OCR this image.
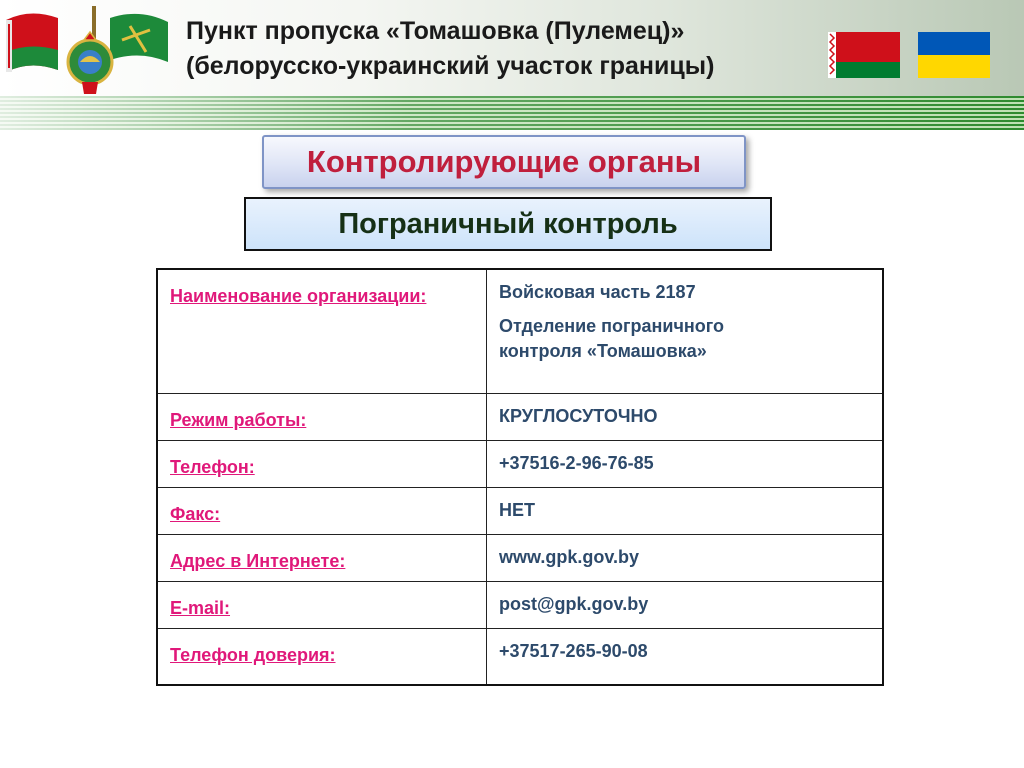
Пункт пропуска «Томашовка (Пулемец)»
(белорусско-украинский участок границы)
Контролирующие органы
Пограничный контроль
Наименование организации:	Войсковая часть 2187
Отделение пограничного
контроля «Томашовка»

Режим работы:	КРУГЛОСУТОЧНО
Телефон:	+37516-2-96-76-85
Факс:	НЕТ
Адрес в Интернете:	www.gpk.gov.by
E-mail:	post@gpk.gov.by
Телефон доверия:	+37517-265-90-08
